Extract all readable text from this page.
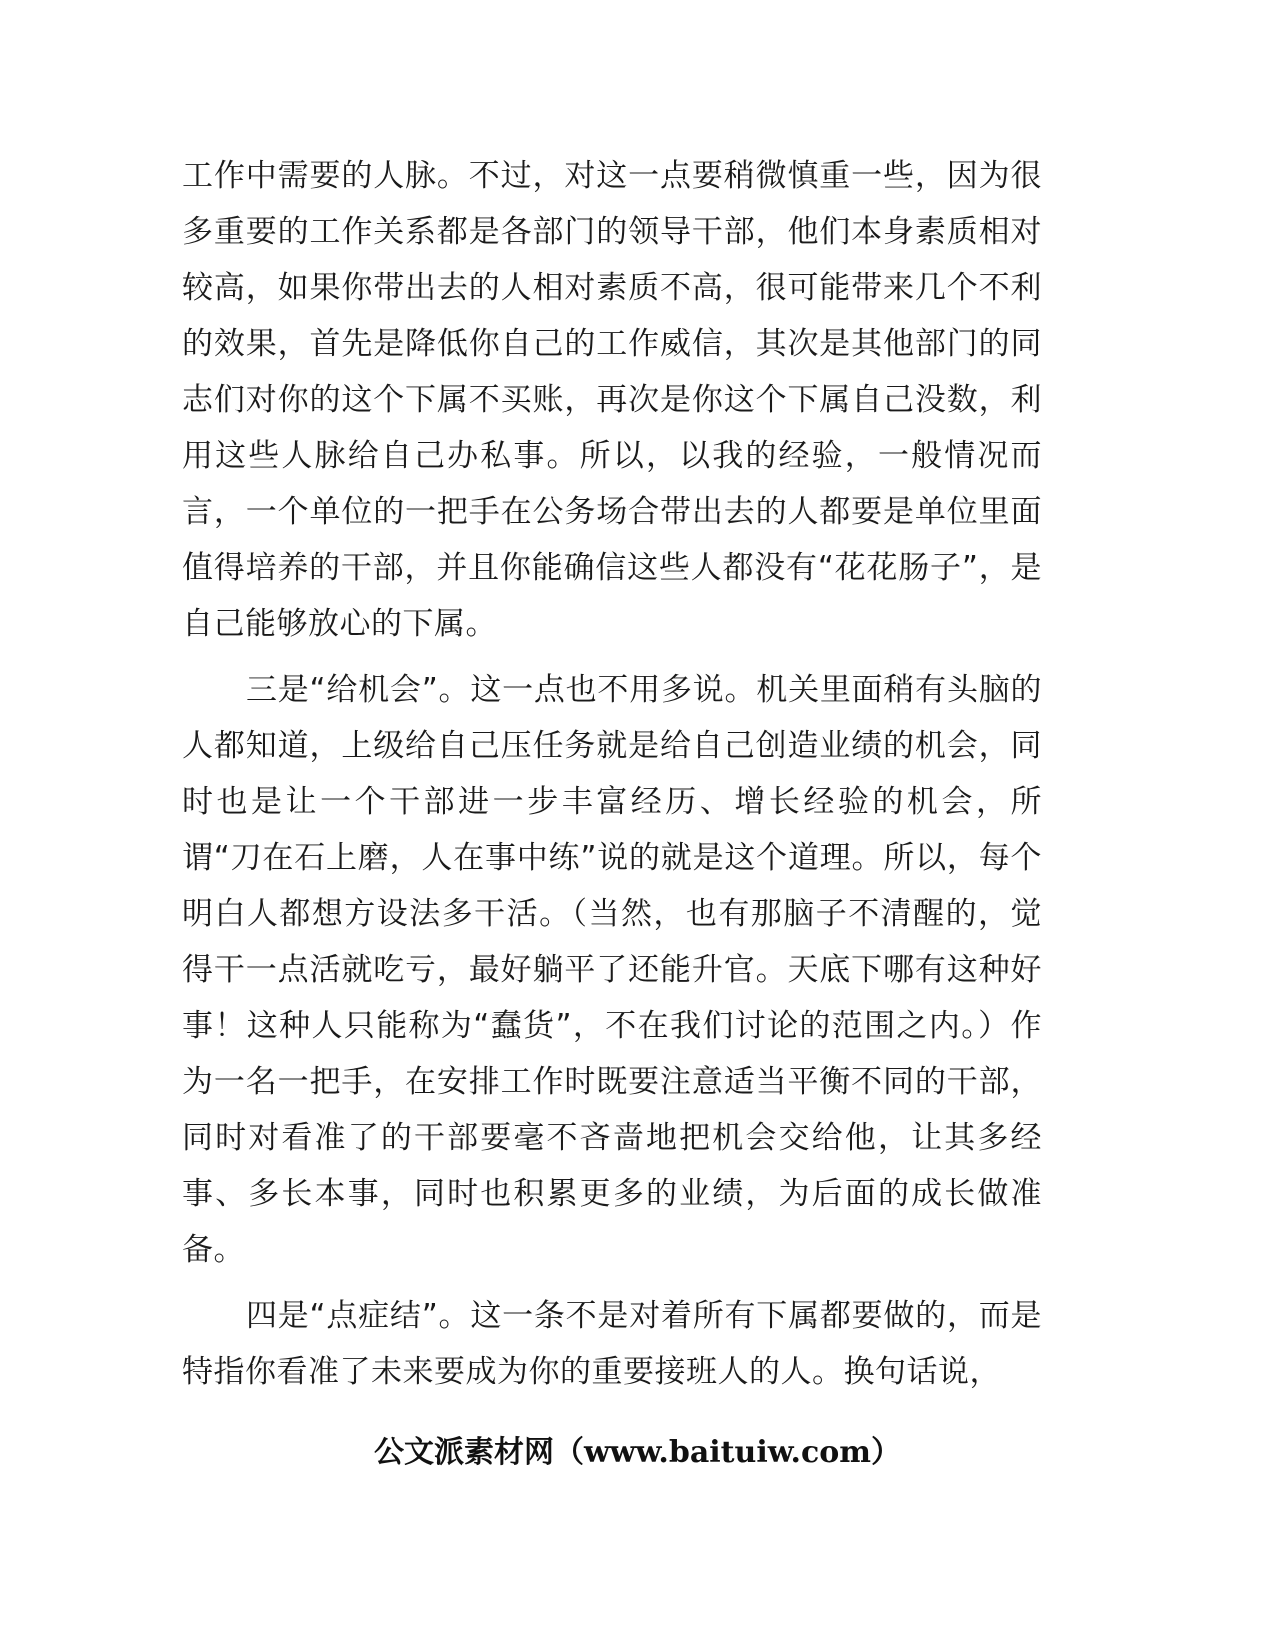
工作中需要的人脉。不过，对这一点要稍微慎重一些，因为很多重要的工作关系都是各部门的领导干部，他们本身素质相对较高，如果你带出去的人相对素质不高，很可能带来几个不利的效果，首先是降低你自己的工作威信，其次是其他部门的同志们对你的这个下属不买账，再次是你这个下属自己没数，利用这些人脉给自己办私事。所以，以我的经验，一般情况而言，一个单位的一把手在公务场合带出去的人都要是单位里面值得培养的干部，并且你能确信这些人都没有“花花肠子”，是自己能够放心的下属。

三是“给机会”。这一点也不用多说。机关里面稍有头脑的人都知道，上级给自己压任务就是给自己创造业绩的机会，同时也是让一个干部进一步丰富经历、增长经验的机会，所谓“刀在石上磨，人在事中练”说的就是这个道理。所以，每个明白人都想方设法多干活。（当然，也有那脑子不清醒的，觉得干一点活就吃亏，最好躺平了还能升官。天底下哪有这种好事！这种人只能称为“蠢货”，不在我们讨论的范围之内。）作为一名一把手，在安排工作时既要注意适当平衡不同的干部，同时对看准了的干部要毫不吝啬地把机会交给他，让其多经事、多长本事，同时也积累更多的业绩，为后面的成长做准备。

四是“点症结”。这一条不是对着所有下属都要做的，而是特指你看准了未来要成为你的重要接班人的人。换句话说，

公文派素材网（www.baituiw.com）
